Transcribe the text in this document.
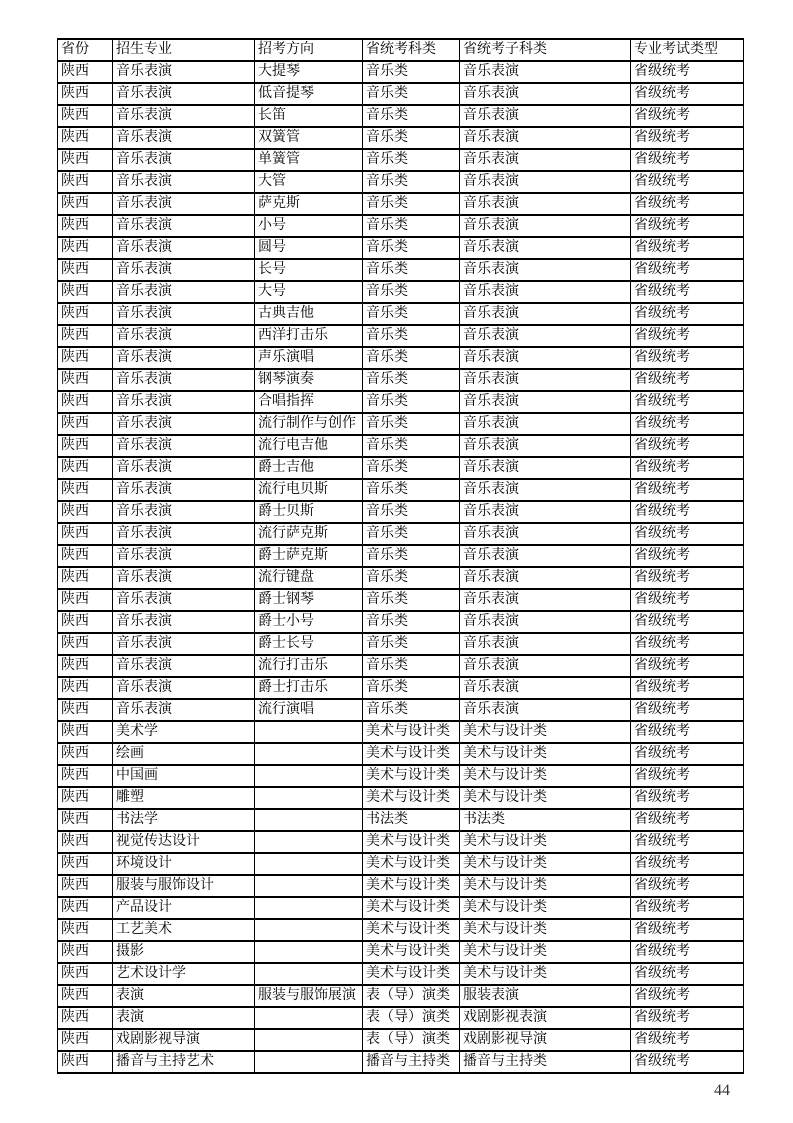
省份	招生专业	招考方向	省统考科类	省统考子科类	专业考试类型
陕西	音乐表演	大提琴	音乐类	音乐表演	省级统考
陕西	音乐表演	低音提琴	音乐类	音乐表演	省级统考
陕西	音乐表演	长笛	音乐类	音乐表演	省级统考
陕西	音乐表演	双簧管	音乐类	音乐表演	省级统考
陕西	音乐表演	单簧管	音乐类	音乐表演	省级统考
陕西	音乐表演	大管	音乐类	音乐表演	省级统考
陕西	音乐表演	萨克斯	音乐类	音乐表演	省级统考
陕西	音乐表演	小号	音乐类	音乐表演	省级统考
陕西	音乐表演	圆号	音乐类	音乐表演	省级统考
陕西	音乐表演	长号	音乐类	音乐表演	省级统考
陕西	音乐表演	大号	音乐类	音乐表演	省级统考
陕西	音乐表演	古典吉他	音乐类	音乐表演	省级统考
陕西	音乐表演	西洋打击乐	音乐类	音乐表演	省级统考
陕西	音乐表演	声乐演唱	音乐类	音乐表演	省级统考
陕西	音乐表演	钢琴演奏	音乐类	音乐表演	省级统考
陕西	音乐表演	合唱指挥	音乐类	音乐表演	省级统考
陕西	音乐表演	流行制作与创作	音乐类	音乐表演	省级统考
陕西	音乐表演	流行电吉他	音乐类	音乐表演	省级统考
陕西	音乐表演	爵士吉他	音乐类	音乐表演	省级统考
陕西	音乐表演	流行电贝斯	音乐类	音乐表演	省级统考
陕西	音乐表演	爵士贝斯	音乐类	音乐表演	省级统考
陕西	音乐表演	流行萨克斯	音乐类	音乐表演	省级统考
陕西	音乐表演	爵士萨克斯	音乐类	音乐表演	省级统考
陕西	音乐表演	流行键盘	音乐类	音乐表演	省级统考
陕西	音乐表演	爵士钢琴	音乐类	音乐表演	省级统考
陕西	音乐表演	爵士小号	音乐类	音乐表演	省级统考
陕西	音乐表演	爵士长号	音乐类	音乐表演	省级统考
陕西	音乐表演	流行打击乐	音乐类	音乐表演	省级统考
陕西	音乐表演	爵士打击乐	音乐类	音乐表演	省级统考
陕西	音乐表演	流行演唱	音乐类	音乐表演	省级统考
陕西	美术学		美术与设计类	美术与设计类	省级统考
陕西	绘画		美术与设计类	美术与设计类	省级统考
陕西	中国画		美术与设计类	美术与设计类	省级统考
陕西	雕塑		美术与设计类	美术与设计类	省级统考
陕西	书法学		书法类	书法类	省级统考
陕西	视觉传达设计		美术与设计类	美术与设计类	省级统考
陕西	环境设计		美术与设计类	美术与设计类	省级统考
陕西	服装与服饰设计		美术与设计类	美术与设计类	省级统考
陕西	产品设计		美术与设计类	美术与设计类	省级统考
陕西	工艺美术		美术与设计类	美术与设计类	省级统考
陕西	摄影		美术与设计类	美术与设计类	省级统考
陕西	艺术设计学		美术与设计类	美术与设计类	省级统考
陕西	表演	服装与服饰展演	表（导）演类	服装表演	省级统考
陕西	表演		表（导）演类	戏剧影视表演	省级统考
陕西	戏剧影视导演		表（导）演类	戏剧影视导演	省级统考
陕西	播音与主持艺术		播音与主持类	播音与主持类	省级统考
44
